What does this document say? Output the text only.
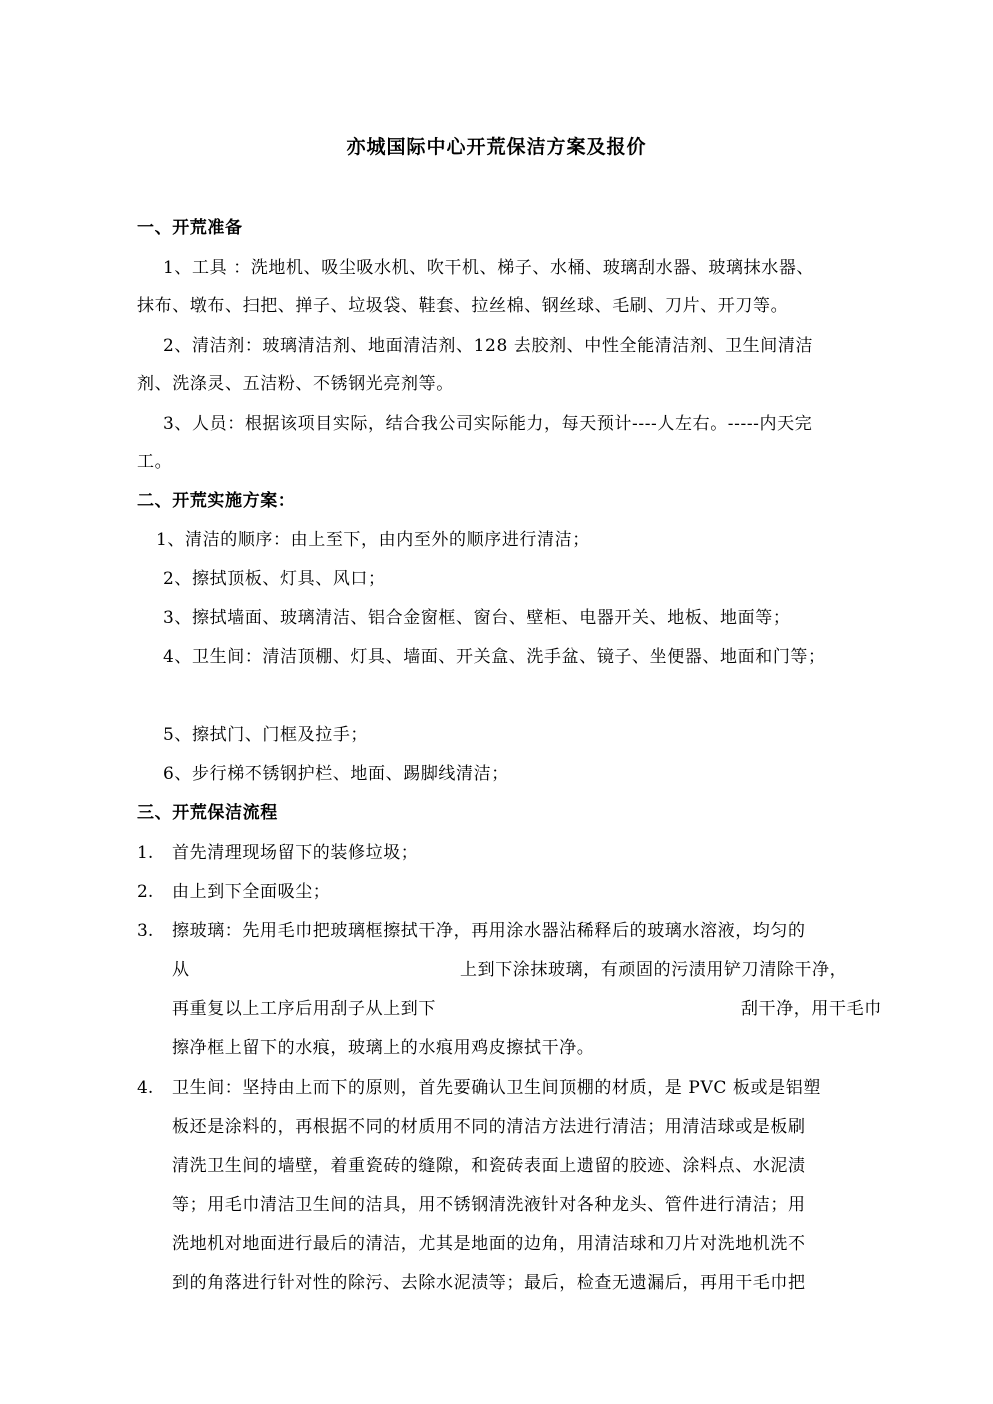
亦城国际中心开荒保洁方案及报价
一、开荒准备
1、工具 ：洗地机、吸尘吸水机、吹干机、梯子、水桶、玻璃刮水器、玻璃抹水器、
抹布、墩布、扫把、掸子、垃圾袋、鞋套、拉丝棉、钢丝球、毛刷、刀片、开刀等。
2、清洁剂：玻璃清洁剂、地面清洁剂、128 去胶剂、中性全能清洁剂、卫生间清洁
剂、洗涤灵、五洁粉、不锈钢光亮剂等。
3、人员：根据该项目实际，结合我公司实际能力，每天预计----人左右。-----内天完
工。
二、开荒实施方案：
1、清洁的顺序：由上至下，由内至外的顺序进行清洁；
2、擦拭顶板、灯具、风口；
3、擦拭墙面、玻璃清洁、铝合金窗框、窗台、壁柜、电器开关、地板、地面等；
4、卫生间：清洁顶棚、灯具、墙面、开关盒、洗手盆、镜子、坐便器、地面和门等；
5、擦拭门、门框及拉手；
6、步行梯不锈钢护栏、地面、踢脚线清洁；
三、开荒保洁流程
1. 首先清理现场留下的装修垃圾；
2. 由上到下全面吸尘；
3. 擦玻璃：先用毛巾把玻璃框擦拭干净，再用涂水器沾稀释后的玻璃水溶液，均匀的
从	上到下涂抹玻璃，有顽固的污渍用铲刀清除干净，
再重复以上工序后用刮子从上到下	刮干净，用干毛巾
擦净框上留下的水痕，玻璃上的水痕用鸡皮擦拭干净。
4. 卫生间：坚持由上而下的原则，首先要确认卫生间顶棚的材质，是 PVC 板或是铝塑
板还是涂料的，再根据不同的材质用不同的清洁方法进行清洁；用清洁球或是板刷
清洗卫生间的墙壁，着重瓷砖的缝隙，和瓷砖表面上遗留的胶迹、涂料点、水泥渍
等；用毛巾清洁卫生间的洁具，用不锈钢清洗液针对各种龙头、管件进行清洁；用
洗地机对地面进行最后的清洁，尤其是地面的边角，用清洁球和刀片对洗地机洗不
到的角落进行针对性的除污、去除水泥渍等；最后，检查无遗漏后，再用干毛巾把
